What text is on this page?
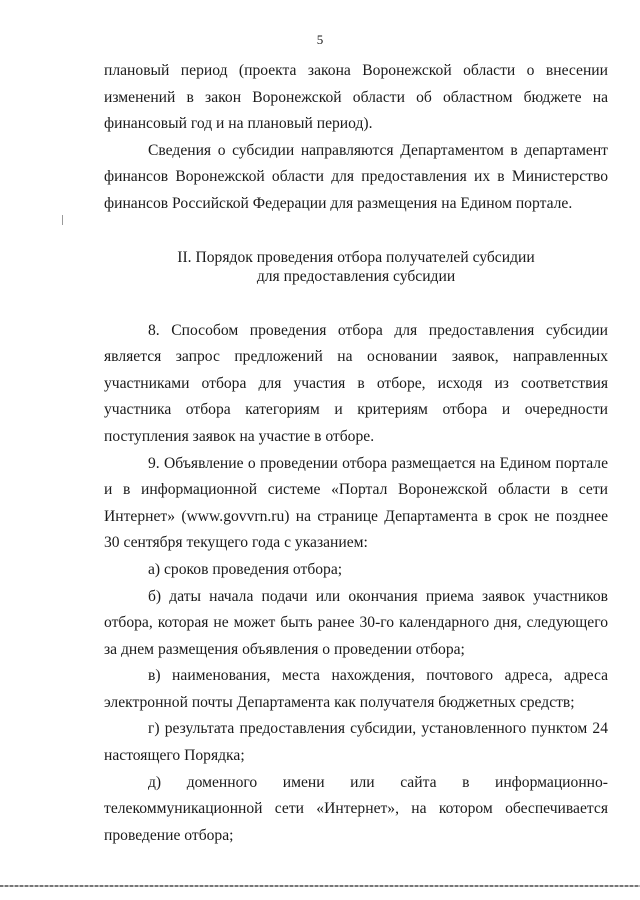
5

плановый период (проекта закона Воронежской области о внесении изменений в закон Воронежской области об областном бюджете на финансовый год и на плановый период).

Сведения о субсидии направляются Департаментом в департамент финансов Воронежской области для предоставления их в Министерство финансов Российской Федерации для размещения на Едином портале.

II. Порядок проведения отбора получателей субсидии
для предоставления субсидии

8. Способом проведения отбора для предоставления субсидии является запрос предложений на основании заявок, направленных участниками отбора для участия в отборе, исходя из соответствия участника отбора категориям и критериям отбора и очередности поступления заявок на участие в отборе.

9. Объявление о проведении отбора размещается на Едином портале и в информационной системе «Портал Воронежской области в сети Интернет» (www.govvrn.ru) на странице Департамента в срок не позднее 30 сентября текущего года с указанием:

а) сроков проведения отбора;

б) даты начала подачи или окончания приема заявок участников отбора, которая не может быть ранее 30-го календарного дня, следующего за днем размещения объявления о проведении отбора;

в) наименования, места нахождения, почтового адреса, адреса электронной почты Департамента как получателя бюджетных средств;

г) результата предоставления субсидии, установленного пунктом 24 настоящего Порядка;

д) доменного имени или сайта в информационно-телекоммуникационной сети «Интернет», на котором обеспечивается проведение отбора;
